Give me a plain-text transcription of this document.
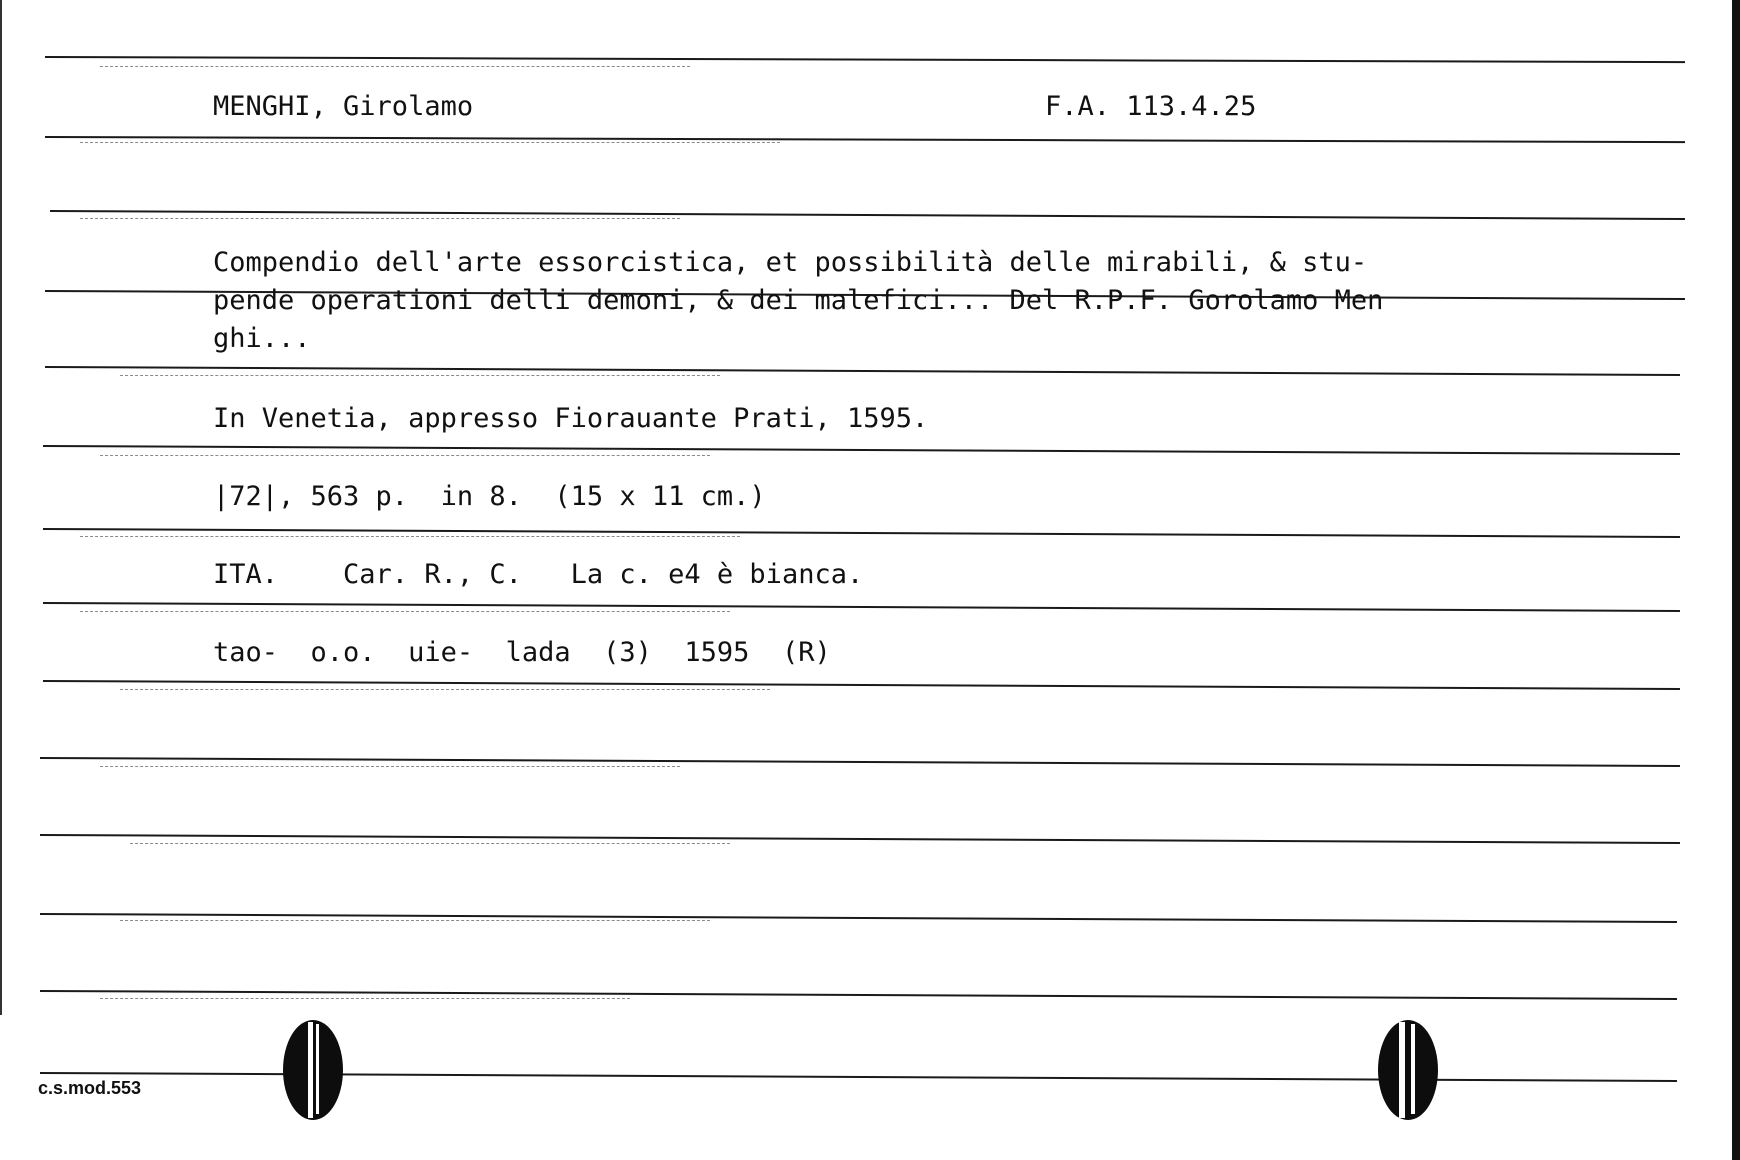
MENGHI, Girolamo	F.A. 113.4.25
Compendio dell'arte essorcistica, et possibilità delle mirabili, & stu-
pende operationi delli demoni, & dei malefici... Del R.P.F. Gorolamo Men
ghi...
In Venetia, appresso Fiorauante Prati, 1595.
|72|, 563 p.  in 8.  (15 x 11 cm.)
ITA.    Car. R., C.   La c. e4 è bianca.
tao-  o.o.  uie-  lada  (3)  1595  (R)
c.s.mod.553
